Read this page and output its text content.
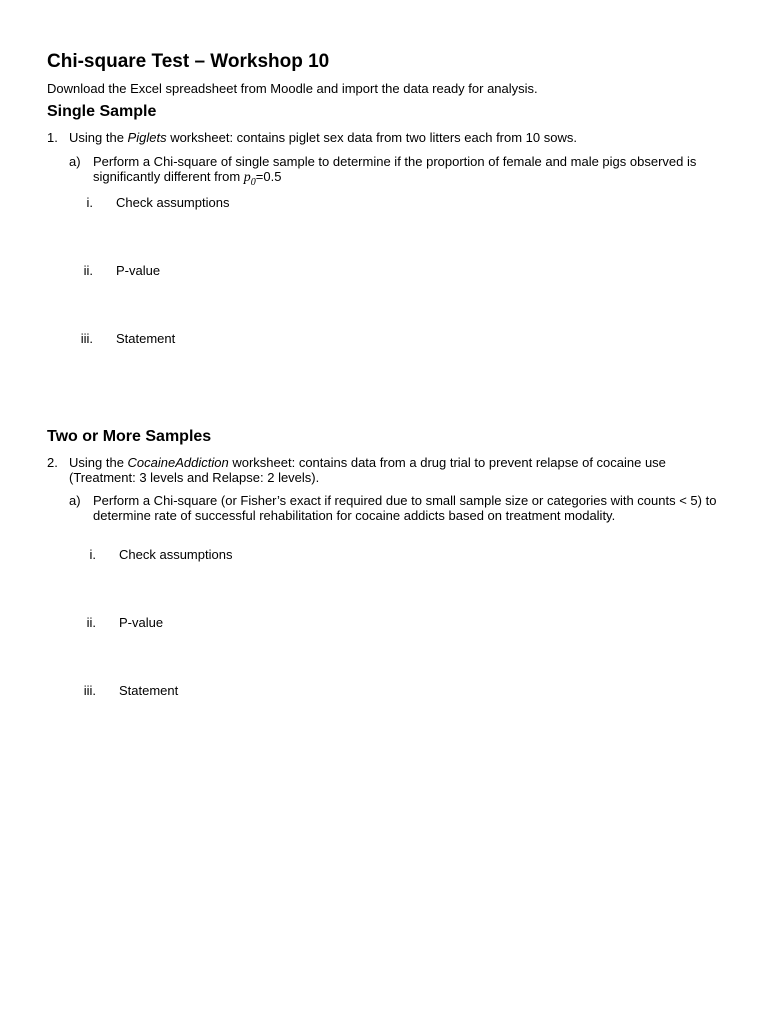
Chi-square Test – Workshop 10
Download the Excel spreadsheet from Moodle and import the data ready for analysis.
Single Sample
1. Using the Piglets worksheet: contains piglet sex data from two litters each from 10 sows.
a) Perform a Chi-square of single sample to determine if the proportion of female and male pigs observed is significantly different from $p_0=0.5$
i. Check assumptions
ii. P-value
iii. Statement
Two or More Samples
2. Using the CocaineAddiction worksheet: contains data from a drug trial to prevent relapse of cocaine use (Treatment: 3 levels and Relapse: 2 levels).
a) Perform a Chi-square (or Fisher’s exact if required due to small sample size or categories with counts < 5) to determine rate of successful rehabilitation for cocaine addicts based on treatment modality.
i. Check assumptions
ii. P-value
iii. Statement
